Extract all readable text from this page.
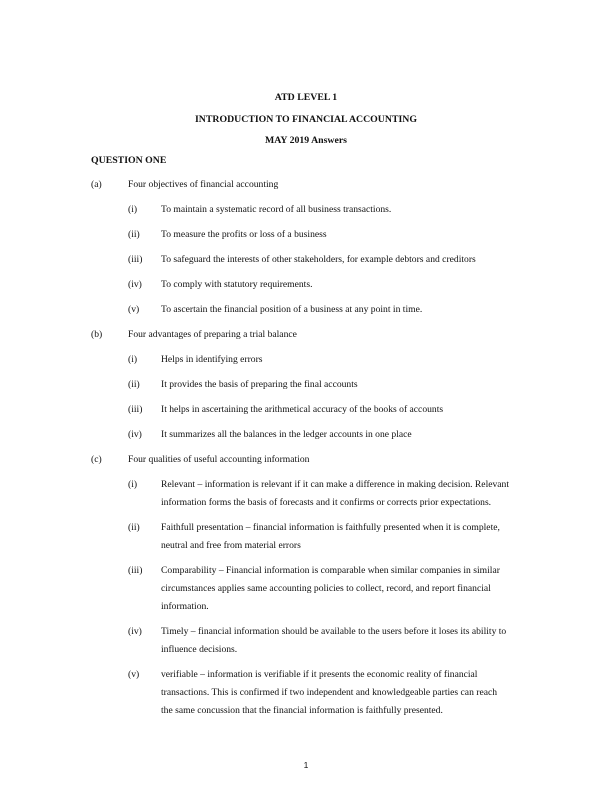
ATD LEVEL 1
INTRODUCTION TO FINANCIAL ACCOUNTING
MAY 2019 Answers
QUESTION ONE
(a)	Four objectives of financial accounting
(i)	To maintain a systematic record of all business transactions.
(ii)	To measure the profits or loss of a business
(iii)	To safeguard the interests of other stakeholders, for example debtors and creditors
(iv)	To comply with statutory requirements.
(v)	To ascertain the financial position of a business at any point in time.
(b)	Four advantages of preparing a trial balance
(i)	Helps in identifying errors
(ii)	It provides the basis of preparing the final accounts
(iii)	It helps in ascertaining the arithmetical accuracy of the books of accounts
(iv)	It summarizes all the balances in the ledger accounts in one place
(c)	Four qualities of useful accounting information
(i)	Relevant – information is relevant if it can make a difference in making decision. Relevant information forms the basis of forecasts and it confirms or corrects prior expectations.
(ii)	Faithfull presentation – financial information is faithfully presented when it is complete, neutral and free from material errors
(iii)	Comparability – Financial information is comparable when similar companies in similar circumstances applies same accounting policies to collect, record, and report financial information.
(iv)	Timely – financial information should be available to the users before it loses its ability to influence decisions.
(v)	verifiable – information is verifiable if it presents the economic reality of financial transactions. This is confirmed if two independent and knowledgeable parties can reach the same concussion that the financial information is faithfully presented.
1
